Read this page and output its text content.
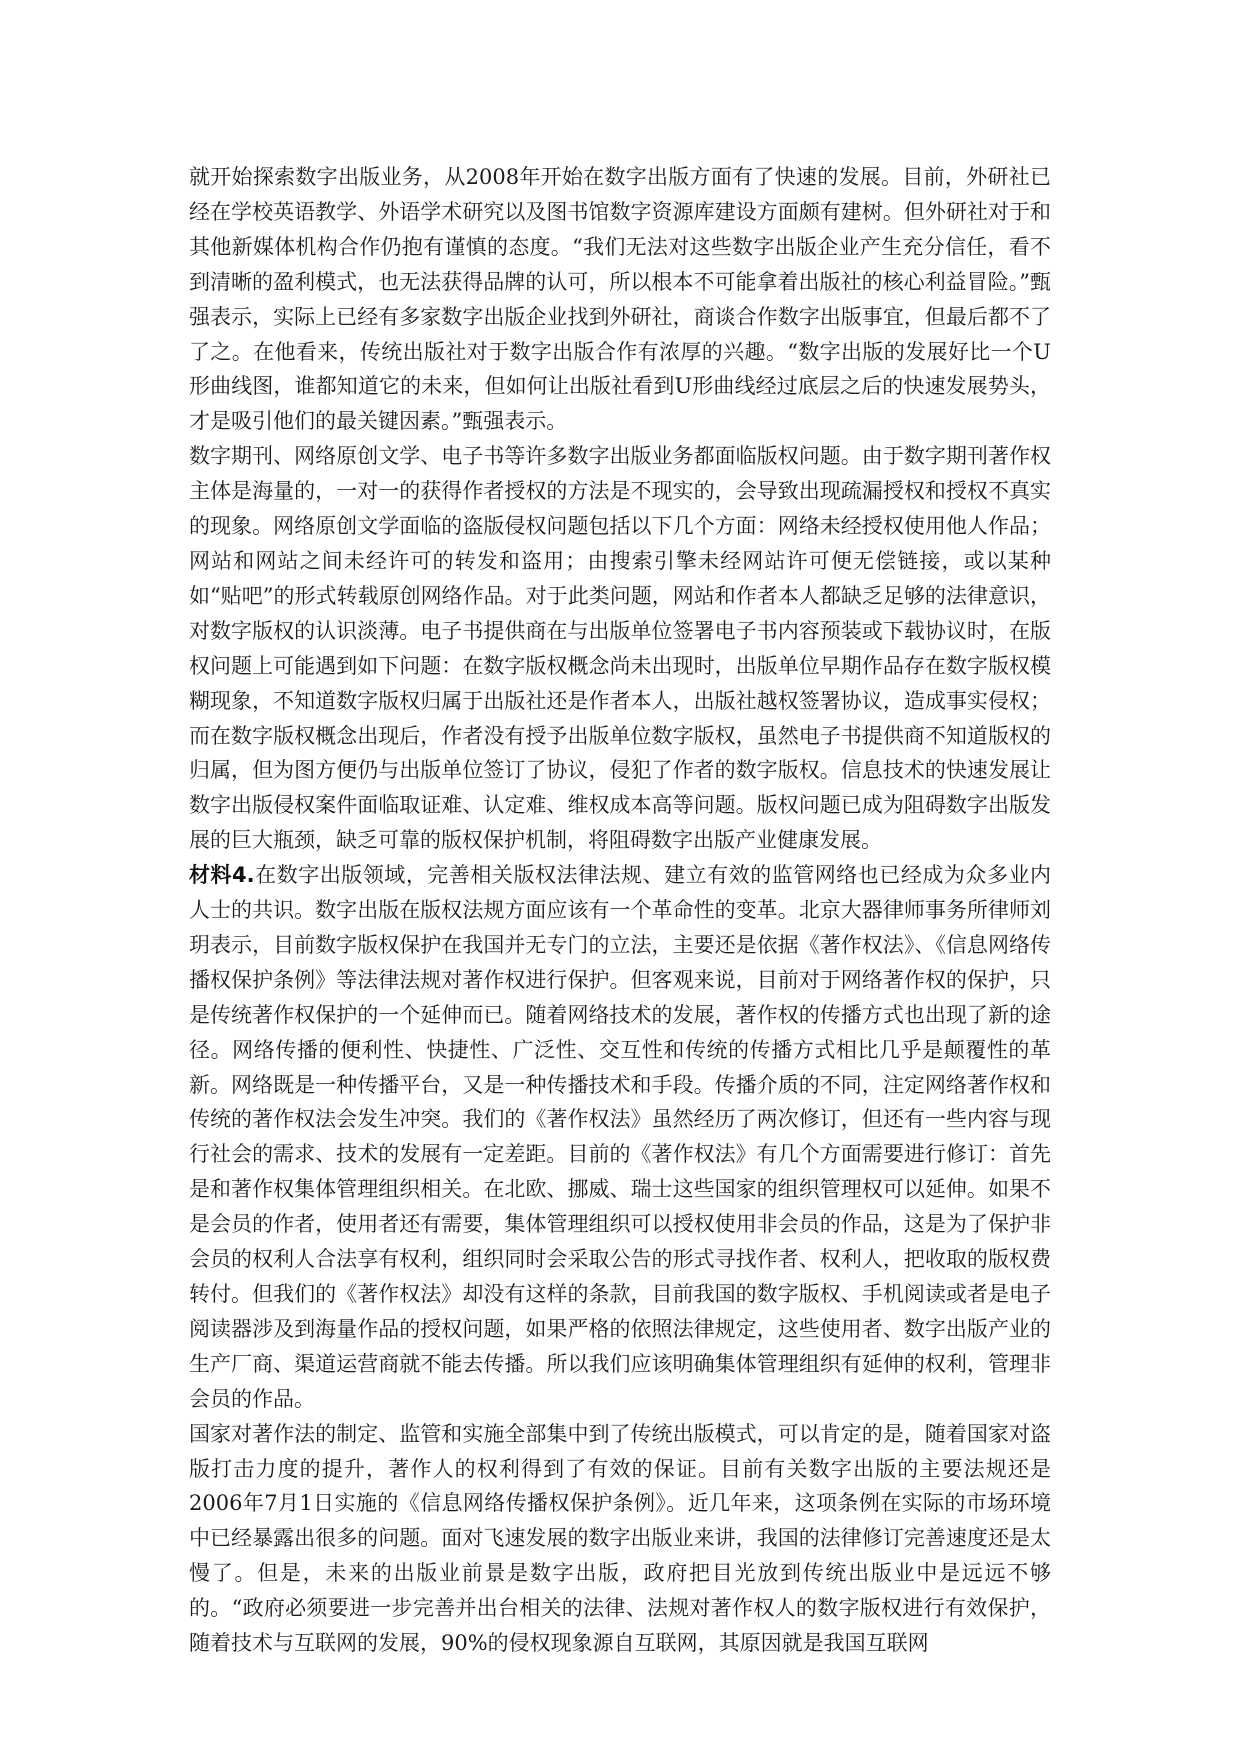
就开始探索数字出版业务，从2008年开始在数字出版方面有了快速的发展。目前，外研社已经在学校英语教学、外语学术研究以及图书馆数字资源库建设方面颇有建树。但外研社对于和其他新媒体机构合作仍抱有谨慎的态度。“我们无法对这些数字出版企业产生充分信任，看不到清晰的盈利模式，也无法获得品牌的认可，所以根本不可能拿着出版社的核心利益冒险。”甄强表示，实际上已经有多家数字出版企业找到外研社，商谈合作数字出版事宜，但最后都不了了之。在他看来，传统出版社对于数字出版合作有浓厚的兴趣。“数字出版的发展好比一个U形曲线图，谁都知道它的未来，但如何让出版社看到U形曲线经过底层之后的快速发展势头，才是吸引他们的最关键因素。”甄强表示。

数字期刊、网络原创文学、电子书等许多数字出版业务都面临版权问题。由于数字期刊著作权主体是海量的，一对一的获得作者授权的方法是不现实的，会导致出现疏漏授权和授权不真实的现象。网络原创文学面临的盗版侵权问题包括以下几个方面：网络未经授权使用他人作品；网站和网站之间未经许可的转发和盗用；由搜索引擎未经网站许可便无偿链接，或以某种如“贴吧”的形式转载原创网络作品。对于此类问题，网站和作者本人都缺乏足够的法律意识，对数字版权的认识淡薄。电子书提供商在与出版单位签署电子书内容预装或下载协议时，在版权问题上可能遇到如下问题：在数字版权概念尚未出现时，出版单位早期作品存在数字版权模糊现象，不知道数字版权归属于出版社还是作者本人，出版社越权签署协议，造成事实侵权；而在数字版权概念出现后，作者没有授予出版单位数字版权，虽然电子书提供商不知道版权的归属，但为图方便仍与出版单位签订了协议，侵犯了作者的数字版权。信息技术的快速发展让数字出版侵权案件面临取证难、认定难、维权成本高等问题。版权问题已成为阻碍数字出版发展的巨大瓶颈，缺乏可靠的版权保护机制，将阻碍数字出版产业健康发展。

材料4.在数字出版领域，完善相关版权法律法规、建立有效的监管网络也已经成为众多业内人士的共识。数字出版在版权法规方面应该有一个革命性的变革。北京大器律师事务所律师刘玥表示，目前数字版权保护在我国并无专门的立法，主要还是依据《著作权法》、《信息网络传播权保护条例》等法律法规对著作权进行保护。但客观来说，目前对于网络著作权的保护，只是传统著作权保护的一个延伸而已。随着网络技术的发展，著作权的传播方式也出现了新的途径。网络传播的便利性、快捷性、广泛性、交互性和传统的传播方式相比几乎是颠覆性的革新。网络既是一种传播平台，又是一种传播技术和手段。传播介质的不同，注定网络著作权和传统的著作权法会发生冲突。我们的《著作权法》虽然经历了两次修订，但还有一些内容与现行社会的需求、技术的发展有一定差距。目前的《著作权法》有几个方面需要进行修订：首先是和著作权集体管理组织相关。在北欧、挪威、瑞士这些国家的组织管理权可以延伸。如果不是会员的作者，使用者还有需要，集体管理组织可以授权使用非会员的作品，这是为了保护非会员的权利人合法享有权利，组织同时会采取公告的形式寻找作者、权利人，把收取的版权费转付。但我们的《著作权法》却没有这样的条款，目前我国的数字版权、手机阅读或者是电子阅读器涉及到海量作品的授权问题，如果严格的依照法律规定，这些使用者、数字出版产业的生产厂商、渠道运营商就不能去传播。所以我们应该明确集体管理组织有延伸的权利，管理非会员的作品。

国家对著作法的制定、监管和实施全部集中到了传统出版模式，可以肯定的是，随着国家对盗版打击力度的提升，著作人的权利得到了有效的保证。目前有关数字出版的主要法规还是2006年7月1日实施的《信息网络传播权保护条例》。近几年来，这项条例在实际的市场环境中已经暴露出很多的问题。面对飞速发展的数字出版业来讲，我国的法律修订完善速度还是太慢了。但是，未来的出版业前景是数字出版，政府把目光放到传统出版业中是远远不够的。“政府必须要进一步完善并出台相关的法律、法规对著作权人的数字版权进行有效保护，随着技术与互联网的发展，90%的侵权现象源自互联网，其原因就是我国互联网
